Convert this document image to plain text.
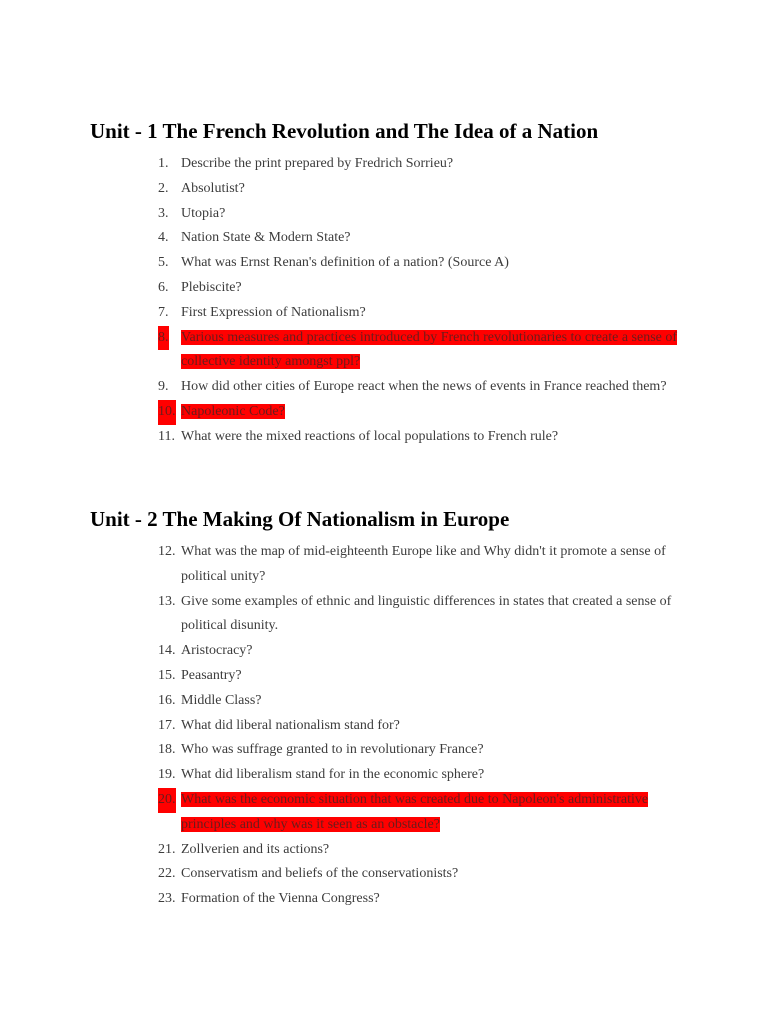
Unit - 1 The French Revolution and The Idea of a Nation
1. Describe the print prepared by Fredrich Sorrieu?
2. Absolutist?
3. Utopia?
4. Nation State & Modern State?
5. What was Ernst Renan's definition of a nation? (Source A)
6. Plebiscite?
7. First Expression of Nationalism?
8. Various measures and practices introduced by French revolutionaries to create a sense of collective identity amongst ppl?
9. How did other cities of Europe react when the news of events in France reached them?
10. Napoleonic Code?
11. What were the mixed reactions of local populations to French rule?
Unit - 2 The Making Of Nationalism in Europe
12. What was the map of mid-eighteenth Europe like and Why didn't it promote a sense of political unity?
13. Give some examples of ethnic and linguistic differences in states that created a sense of political disunity.
14. Aristocracy?
15. Peasantry?
16. Middle Class?
17. What did liberal nationalism stand for?
18. Who was suffrage granted to in revolutionary France?
19. What did liberalism stand for in the economic sphere?
20. What was the economic situation that was created due to Napoleon's administrative principles and why was it seen as an obstacle?
21. Zollverien and its actions?
22. Conservatism and beliefs of the conservationists?
23. Formation of the Vienna Congress?
